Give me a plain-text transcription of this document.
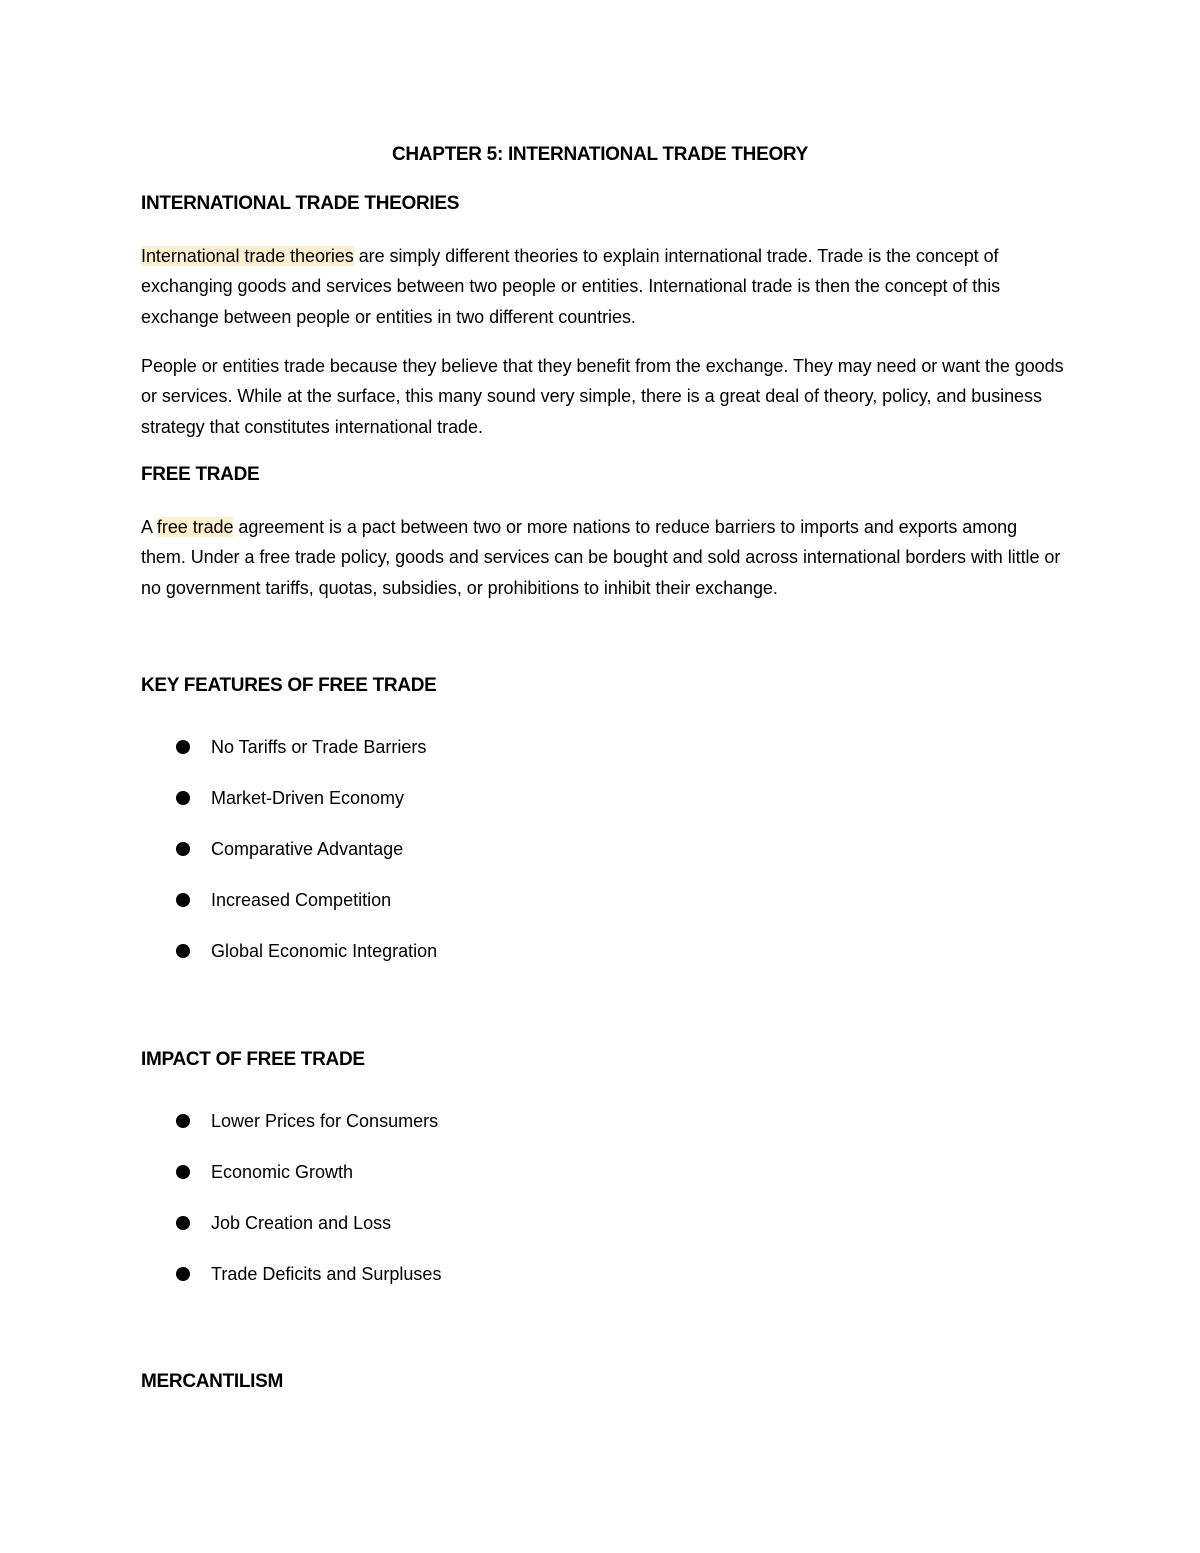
CHAPTER 5: INTERNATIONAL TRADE THEORY
INTERNATIONAL TRADE THEORIES

International trade theories are simply different theories to explain international trade. Trade is the concept of exchanging goods and services between two people or entities. International trade is then the concept of this exchange between people or entities in two different countries.

People or entities trade because they believe that they benefit from the exchange. They may need or want the goods or services. While at the surface, this many sound very simple, there is a great deal of theory, policy, and business strategy that constitutes international trade.

FREE TRADE

A free trade agreement is a pact between two or more nations to reduce barriers to imports and exports among them. Under a free trade policy, goods and services can be bought and sold across international borders with little or no government tariffs, quotas, subsidies, or prohibitions to inhibit their exchange.

KEY FEATURES OF FREE TRADE
No Tariffs or Trade Barriers
Market-Driven Economy
Comparative Advantage
Increased Competition
Global Economic Integration
IMPACT OF FREE TRADE
Lower Prices for Consumers
Economic Growth
Job Creation and Loss
Trade Deficits and Surpluses
MERCANTILISM
